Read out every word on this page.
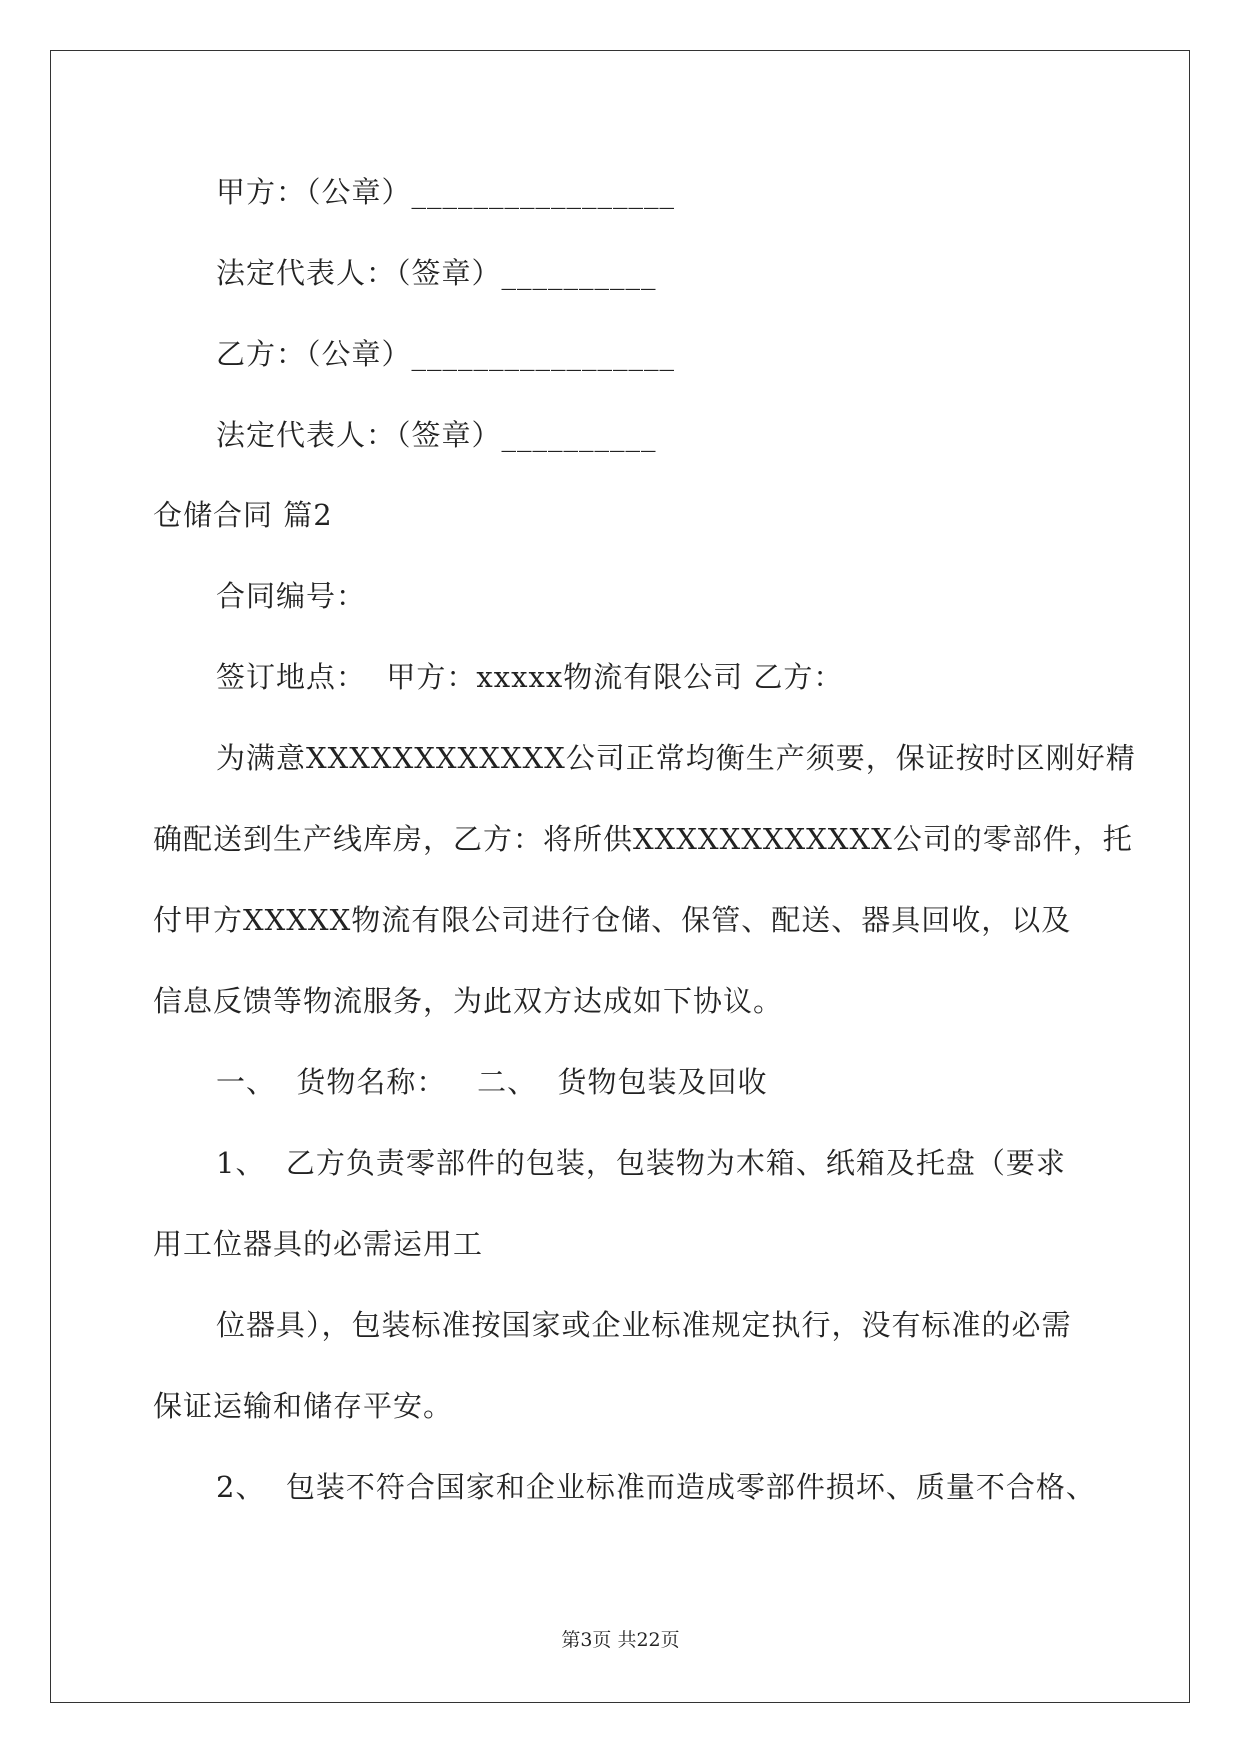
甲方：（公章）_________________
法定代表人：（签章）__________
乙方：（公章）_________________
法定代表人：（签章）__________
仓储合同 篇2
合同编号：
签订地点：  甲方：xxxxx物流有限公司 乙方：
为满意XXXXXXXXXXXX公司正常均衡生产须要，保证按时区刚好精
确配送到生产线库房，乙方：将所供XXXXXXXXXXXX公司的零部件，托
付甲方XXXXX物流有限公司进行仓储、保管、配送、器具回收，以及
信息反馈等物流服务，为此双方达成如下协议。
一、  货物名称：   二、  货物包装及回收
1、  乙方负责零部件的包装，包装物为木箱、纸箱及托盘（要求
用工位器具的必需运用工
位器具），包装标准按国家或企业标准规定执行，没有标准的必需
保证运输和储存平安。
2、  包装不符合国家和企业标准而造成零部件损坏、质量不合格、
第3页 共22页
